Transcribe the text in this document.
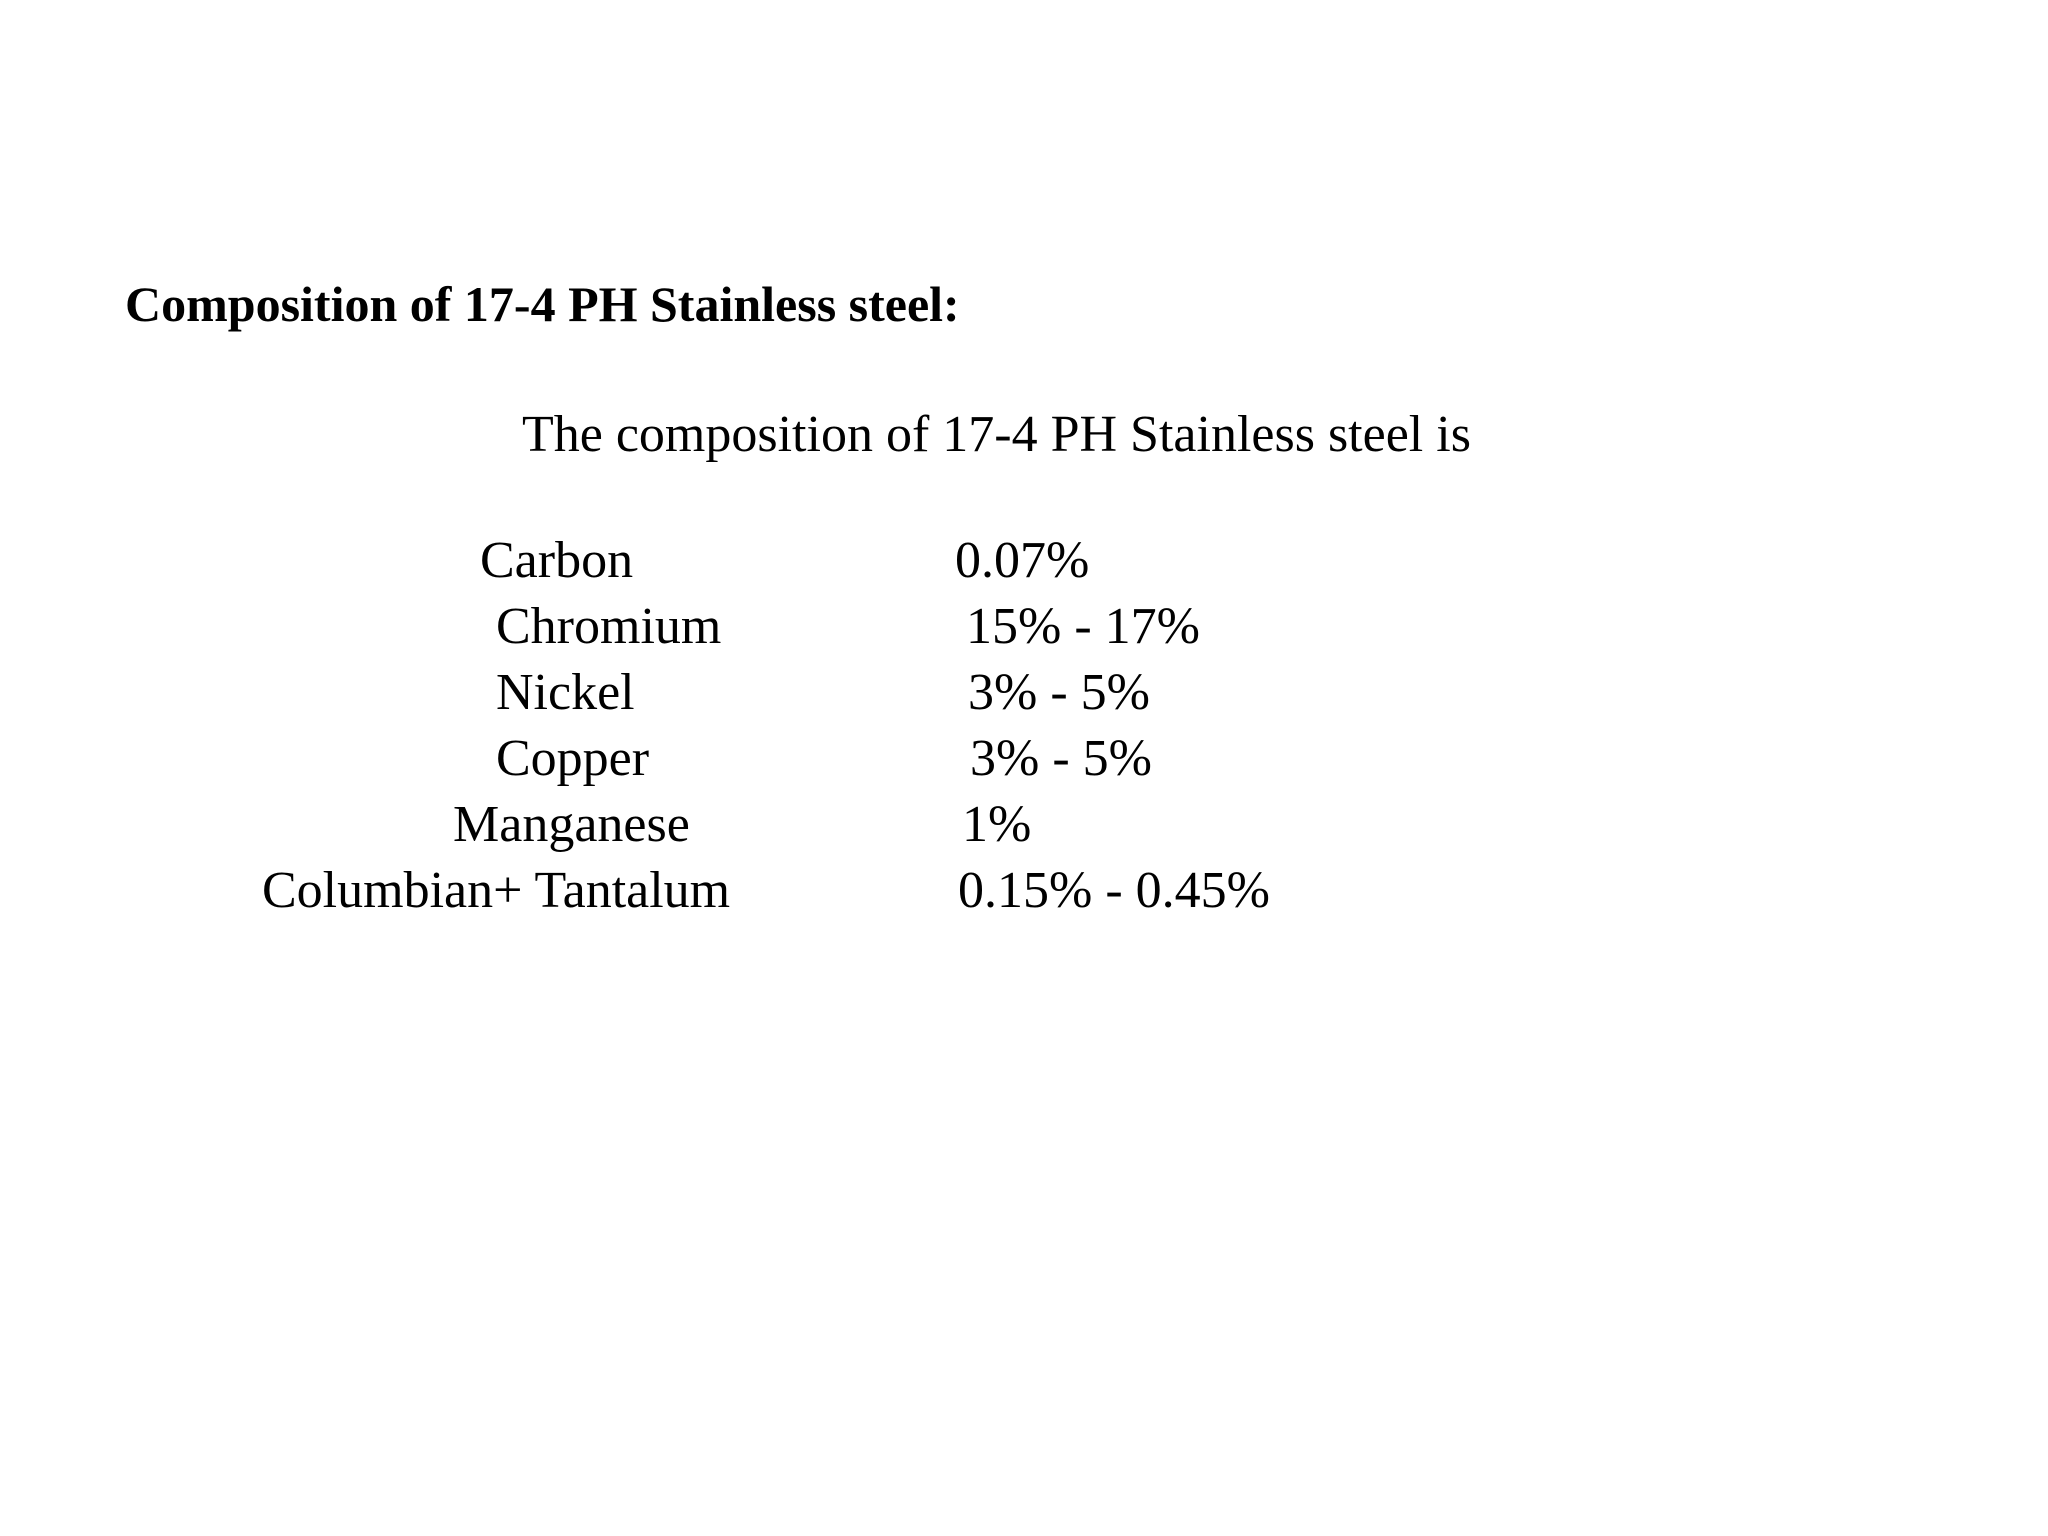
Composition of 17-4 PH Stainless steel:
The composition of 17-4 PH Stainless steel is
Carbon	0.07%
Chromium	15% - 17%
Nickel	3% - 5%
Copper	3% - 5%
Manganese	1%
Columbian+ Tantalum	0.15% - 0.45%
